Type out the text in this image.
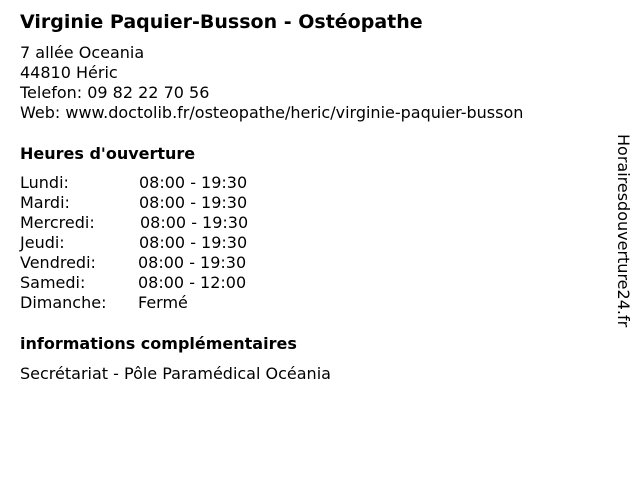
Virginie Paquier-Busson - Ostéopathe
7 allée Oceania
44810 Héric
Telefon: 09 82 22 70 56
Web: www.doctolib.fr/osteopathe/heric/virginie-paquier-busson
Heures d'ouverture
Lundi:	08:00 - 19:30
Mardi:	08:00 - 19:30
Mercredi:	08:00 - 19:30
Jeudi:	08:00 - 19:30
Vendredi:	08:00 - 19:30
Samedi:	08:00 - 12:00
Dimanche: Fermé
informations complémentaires
Secrétariat - Pôle Paramédical Océania
Horairesdouverture24.fr
